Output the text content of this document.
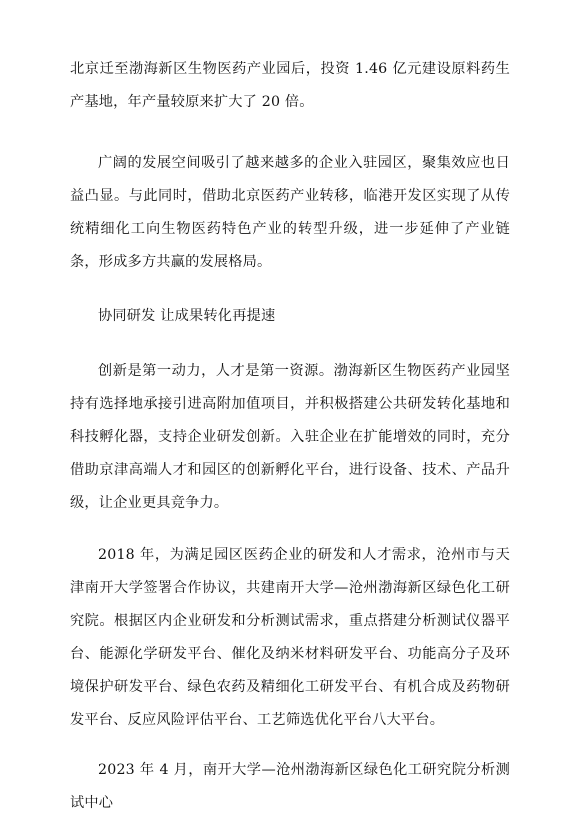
北京迁至渤海新区生物医药产业园后，投资 1.46 亿元建设原料药生产基地，年产量较原来扩大了 20 倍。

广阔的发展空间吸引了越来越多的企业入驻园区，聚集效应也日益凸显。与此同时，借助北京医药产业转移，临港开发区实现了从传统精细化工向生物医药特色产业的转型升级，进一步延伸了产业链条，形成多方共赢的发展格局。

协同研发 让成果转化再提速

创新是第一动力，人才是第一资源。渤海新区生物医药产业园坚持有选择地承接引进高附加值项目，并积极搭建公共研发转化基地和科技孵化器，支持企业研发创新。入驻企业在扩能增效的同时，充分借助京津高端人才和园区的创新孵化平台，进行设备、技术、产品升级，让企业更具竞争力。

2018 年，为满足园区医药企业的研发和人才需求，沧州市与天津南开大学签署合作协议，共建南开大学—沧州渤海新区绿色化工研究院。根据区内企业研发和分析测试需求，重点搭建分析测试仪器平台、能源化学研发平台、催化及纳米材料研发平台、功能高分子及环境保护研发平台、绿色农药及精细化工研发平台、有机合成及药物研发平台、反应风险评估平台、工艺筛选优化平台八大平台。

2023 年 4 月，南开大学—沧州渤海新区绿色化工研究院分析测试中心
